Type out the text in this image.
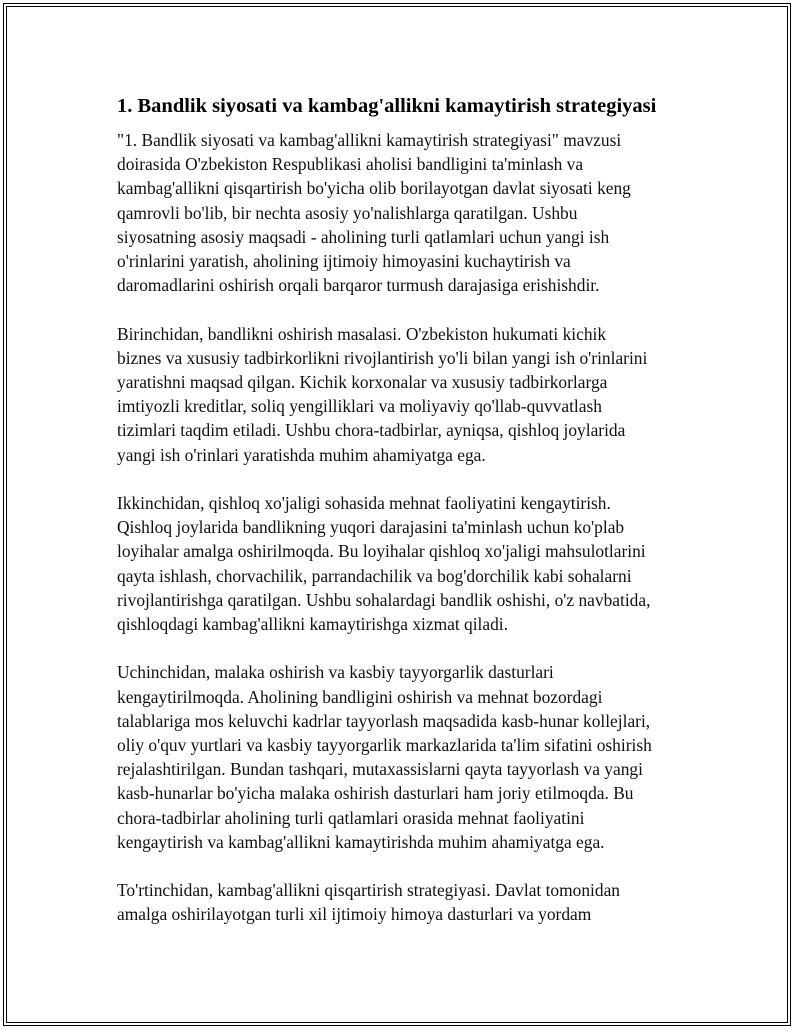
1. Bandlik siyosati va kambag'allikni kamaytirish strategiyasi

"1. Bandlik siyosati va kambag'allikni kamaytirish strategiyasi" mavzusi
doirasida O'zbekiston Respublikasi aholisi bandligini ta'minlash va
kambag'allikni qisqartirish bo'yicha olib borilayotgan davlat siyosati keng
qamrovli bo'lib, bir nechta asosiy yo'nalishlarga qaratilgan. Ushbu
siyosatning asosiy maqsadi - aholining turli qatlamlari uchun yangi ish
o'rinlarini yaratish, aholining ijtimoiy himoyasini kuchaytirish va
daromadlarini oshirish orqali barqaror turmush darajasiga erishishdir.

Birinchidan, bandlikni oshirish masalasi. O'zbekiston hukumati kichik
biznes va xususiy tadbirkorlikni rivojlantirish yo'li bilan yangi ish o'rinlarini
yaratishni maqsad qilgan. Kichik korxonalar va xususiy tadbirkorlarga
imtiyozli kreditlar, soliq yengilliklari va moliyaviy qo'llab-quvvatlash
tizimlari taqdim etiladi. Ushbu chora-tadbirlar, ayniqsa, qishloq joylarida
yangi ish o'rinlari yaratishda muhim ahamiyatga ega.

Ikkinchidan, qishloq xo'jaligi sohasida mehnat faoliyatini kengaytirish.
Qishloq joylarida bandlikning yuqori darajasini ta'minlash uchun ko'plab
loyihalar amalga oshirilmoqda. Bu loyihalar qishloq xo'jaligi mahsulotlarini
qayta ishlash, chorvachilik, parrandachilik va bog'dorchilik kabi sohalarni
rivojlantirishga qaratilgan. Ushbu sohalardagi bandlik oshishi, o'z navbatida,
qishloqdagi kambag'allikni kamaytirishga xizmat qiladi.

Uchinchidan, malaka oshirish va kasbiy tayyorgarlik dasturlari
kengaytirilmoqda. Aholining bandligini oshirish va mehnat bozordagi
talablariga mos keluvchi kadrlar tayyorlash maqsadida kasb-hunar kollejlari,
oliy o'quv yurtlari va kasbiy tayyorgarlik markazlarida ta'lim sifatini oshirish
rejalashtirilgan. Bundan tashqari, mutaxassislarni qayta tayyorlash va yangi
kasb-hunarlar bo'yicha malaka oshirish dasturlari ham joriy etilmoqda. Bu
chora-tadbirlar aholining turli qatlamlari orasida mehnat faoliyatini
kengaytirish va kambag'allikni kamaytirishda muhim ahamiyatga ega.

To'rtinchidan, kambag'allikni qisqartirish strategiyasi. Davlat tomonidan
amalga oshirilayotgan turli xil ijtimoiy himoya dasturlari va yordam
